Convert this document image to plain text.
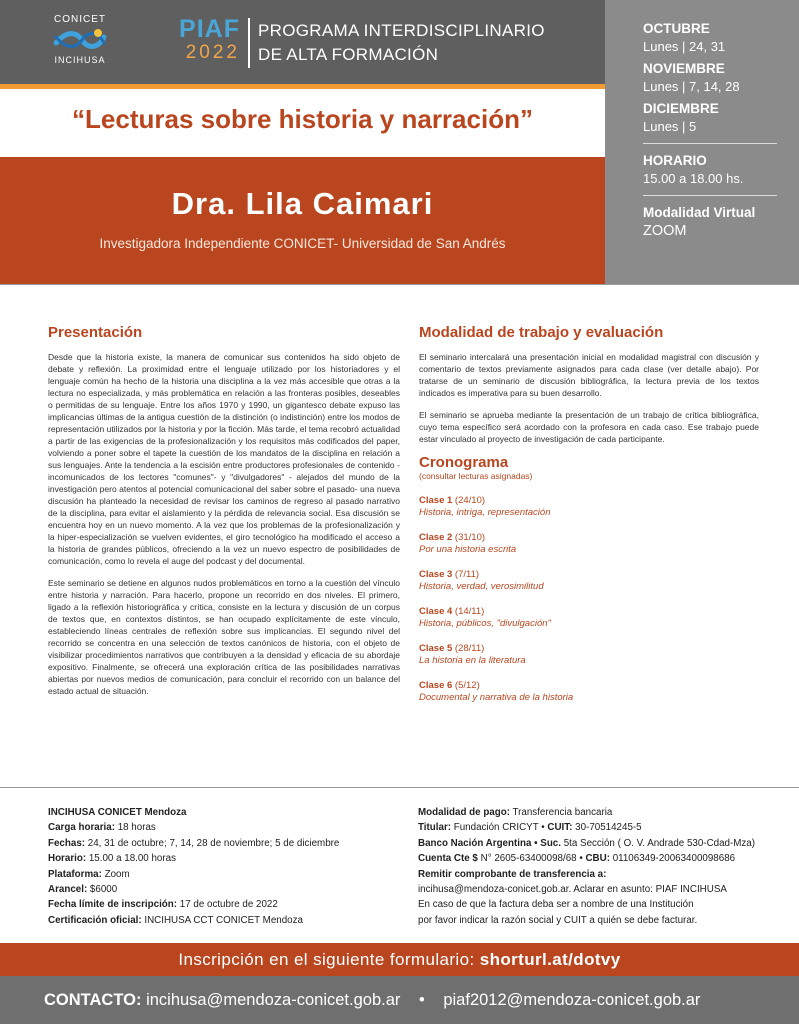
CONICET
INCIHUSA
PIAF
2022
PROGRAMA INTERDISCIPLINARIO
DE ALTA FORMACIÓN
“Lecturas sobre historia y narración”
Dra. Lila Caimari
Investigadora Independiente CONICET- Universidad de San Andrés
OCTUBRE
Lunes | 24, 31
NOVIEMBRE
Lunes | 7, 14, 28
DICIEMBRE
Lunes | 5
HORARIO
15.00 a 18.00 hs.
Modalidad Virtual
ZOOM
Presentación

Desde que la historia existe, la manera de comunicar sus contenidos ha sido objeto de debate y reflexión. La proximidad entre el lenguaje utilizado por los historiadores y el lenguaje común ha hecho de la historia una disciplina a la vez más accesible que otras a la lectura no especializada, y más problemática en relación a las fronteras posibles, deseables o permitidas de su lenguaje. Entre los años 1970 y 1990, un gigantesco debate expuso las implicancias últimas de la antigua cuestión de la distinción (o indistinción) entre los modos de representación utilizados por la historia y por la ficción. Más tarde, el tema recobró actualidad a partir de las exigencias de la profesionalización y los requisitos más codificados del paper, volviendo a poner sobre el tapete la cuestión de los mandatos de la disciplina en relación a sus lenguajes. Ante la tendencia a la escisión entre productores profesionales de contenido -incomunicados de los lectores "comunes"- y "divulgadores" - alejados del mundo de la investigación pero atentos al potencial comunicacional del saber sobre el pasado- una nueva discusión ha planteado la necesidad de revisar los caminos de regreso al pasado narrativo de la disciplina, para evitar el aislamiento y la pérdida de relevancia social. Esa discusión se encuentra hoy en un nuevo momento. A la vez que los problemas de la profesionalización y la hiper-especialización se vuelven evidentes, el giro tecnológico ha modificado el acceso a la historia de grandes públicos, ofreciendo a la vez un nuevo espectro de posibilidades de comunicación, como lo revela el auge del podcast y del documental.

Este seminario se detiene en algunos nudos problemáticos en torno a la cuestión del vínculo entre historia y narración. Para hacerlo, propone un recorrido en dos niveles. El primero, ligado a la reflexión historiográfica y crítica, consiste en la lectura y discusión de un corpus de textos que, en contextos distintos, se han ocupado explícitamente de este vínculo, estableciendo líneas centrales de reflexión sobre sus implicancias. El segundo nivel del recorrido se concentra en una selección de textos canónicos de historia, con el objeto de visibilizar procedimientos narrativos que contribuyen a la densidad y eficacia de su abordaje expositivo. Finalmente, se ofrecerá una exploración crítica de las posibilidades narrativas abiertas por nuevos medios de comunicación, para concluir el recorrido con un balance del estado actual de situación.

Modalidad de trabajo y evaluación

El seminario intercalará una presentación inicial en modalidad magistral con discusión y comentario de textos previamente asignados para cada clase (ver detalle abajo). Por tratarse de un seminario de discusión bibliográfica, la lectura previa de los textos indicados es imperativa para su buen desarrollo.

El seminario se aprueba mediante la presentación de un trabajo de crítica bibliográfica, cuyo tema específico será acordado con la profesora en cada caso. Ese trabajo puede estar vinculado al proyecto de investigación de cada participante.

Cronograma
(consultar lecturas asignadas)
Clase 1 (24/10)
Historia, intriga, representación
Clase 2 (31/10)
Por una historia escrita
Clase 3 (7/11)
Historia, verdad, verosimilitud
Clase 4 (14/11)
Historia, públicos, "divulgación"
Clase 5 (28/11)
La historia en la literatura
Clase 6 (5/12)
Documental y narrativa de la historia
INCIHUSA CONICET Mendoza
Carga horaria: 18 horas
Fechas: 24, 31 de octubre; 7, 14, 28 de noviembre; 5 de diciembre
Horario: 15.00 a 18.00 horas
Plataforma: Zoom
Arancel: $6000
Fecha límite de inscripción: 17 de octubre de 2022
Certificación oficial: INCIHUSA CCT CONICET Mendoza
Modalidad de pago: Transferencia bancaria
Titular: Fundación CRICYT • CUIT: 30-70514245-5
Banco Nación Argentina • Suc. 5ta Sección ( O. V. Andrade 530-Cdad-Mza)
Cuenta Cte $ N° 2605-63400098/68 • CBU: 01106349-20063400098686
Remitir comprobante de transferencia a:
incihusa@mendoza-conicet.gob.ar. Aclarar en asunto: PIAF INCIHUSA
En caso de que la factura deba ser a nombre de una Institución
por favor indicar la razón social y CUIT a quién se debe facturar.
Inscripción en el siguiente formulario: shorturl.at/dotvy
CONTACTO: incihusa@mendoza-conicet.gob.ar • piaf2012@mendoza-conicet.gob.ar
